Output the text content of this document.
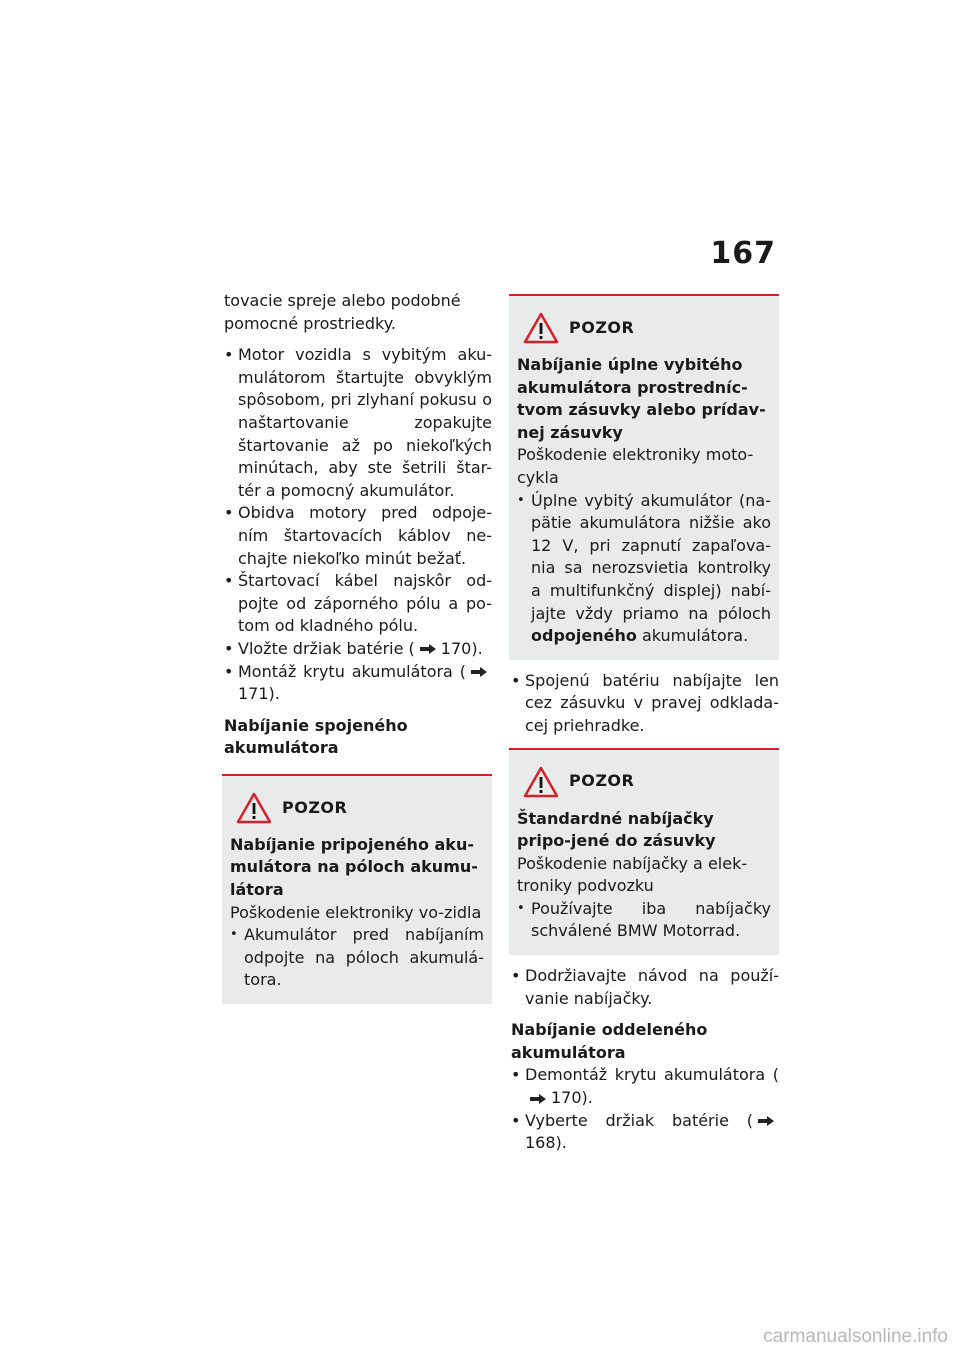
167

tovacie spreje alebo podobné pomocné prostriedky.

• Motor vozidla s vybitým aku-mulátorom štartujte obvyklým spôsobom, pri zlyhaní pokusu o naštartovanie zopakujte štartovanie až po niekoľkých minútach, aby ste šetrili štar-tér a pomocný akumulátor.

• Obidva motory pred odpoje-ním štartovacích káblov ne-chajte niekoľko minút bežať.

• Štartovací kábel najskôr od-pojte od záporného pólu a po-tom od kladného pólu.

• Vložte držiak batérie ( 170).

• Montáž krytu akumulátora (171).

Nabíjanie spojeného akumulátora

POZOR

Nabíjanie pripojeného aku-mulátora na póloch akumu-látora

Poškodenie elektroniky vo-zidla

• Akumulátor pred nabíjaním odpojte na póloch akumulá-tora.

POZOR

Nabíjanie úplne vybitého akumulátora prostredníc-tvom zásuvky alebo prídav-nej zásuvky

Poškodenie elektroniky moto-cykla

• Úplne vybitý akumulátor (na-pätie akumulátora nižšie ako 12 V, pri zapnutí zapaľova-nia sa nerozsvietia kontrolky a multifunkčný displej) nabí-jajte vždy priamo na póloch odpojeného akumulátora.

• Spojenú batériu nabíjajte len cez zásuvku v pravej odklada-cej priehradke.

POZOR

Štandardné nabíjačky pripo-jené do zásuvky

Poškodenie nabíjačky a elek-troniky podvozku

• Používajte iba nabíjačky schválené BMW Motorrad.

• Dodržiavajte návod na použí-vanie nabíjačky.

Nabíjanie oddeleného akumulátora

• Demontáž krytu akumulátora (170).

• Vyberte držiak batérie (168).

carmanualsonline.info
